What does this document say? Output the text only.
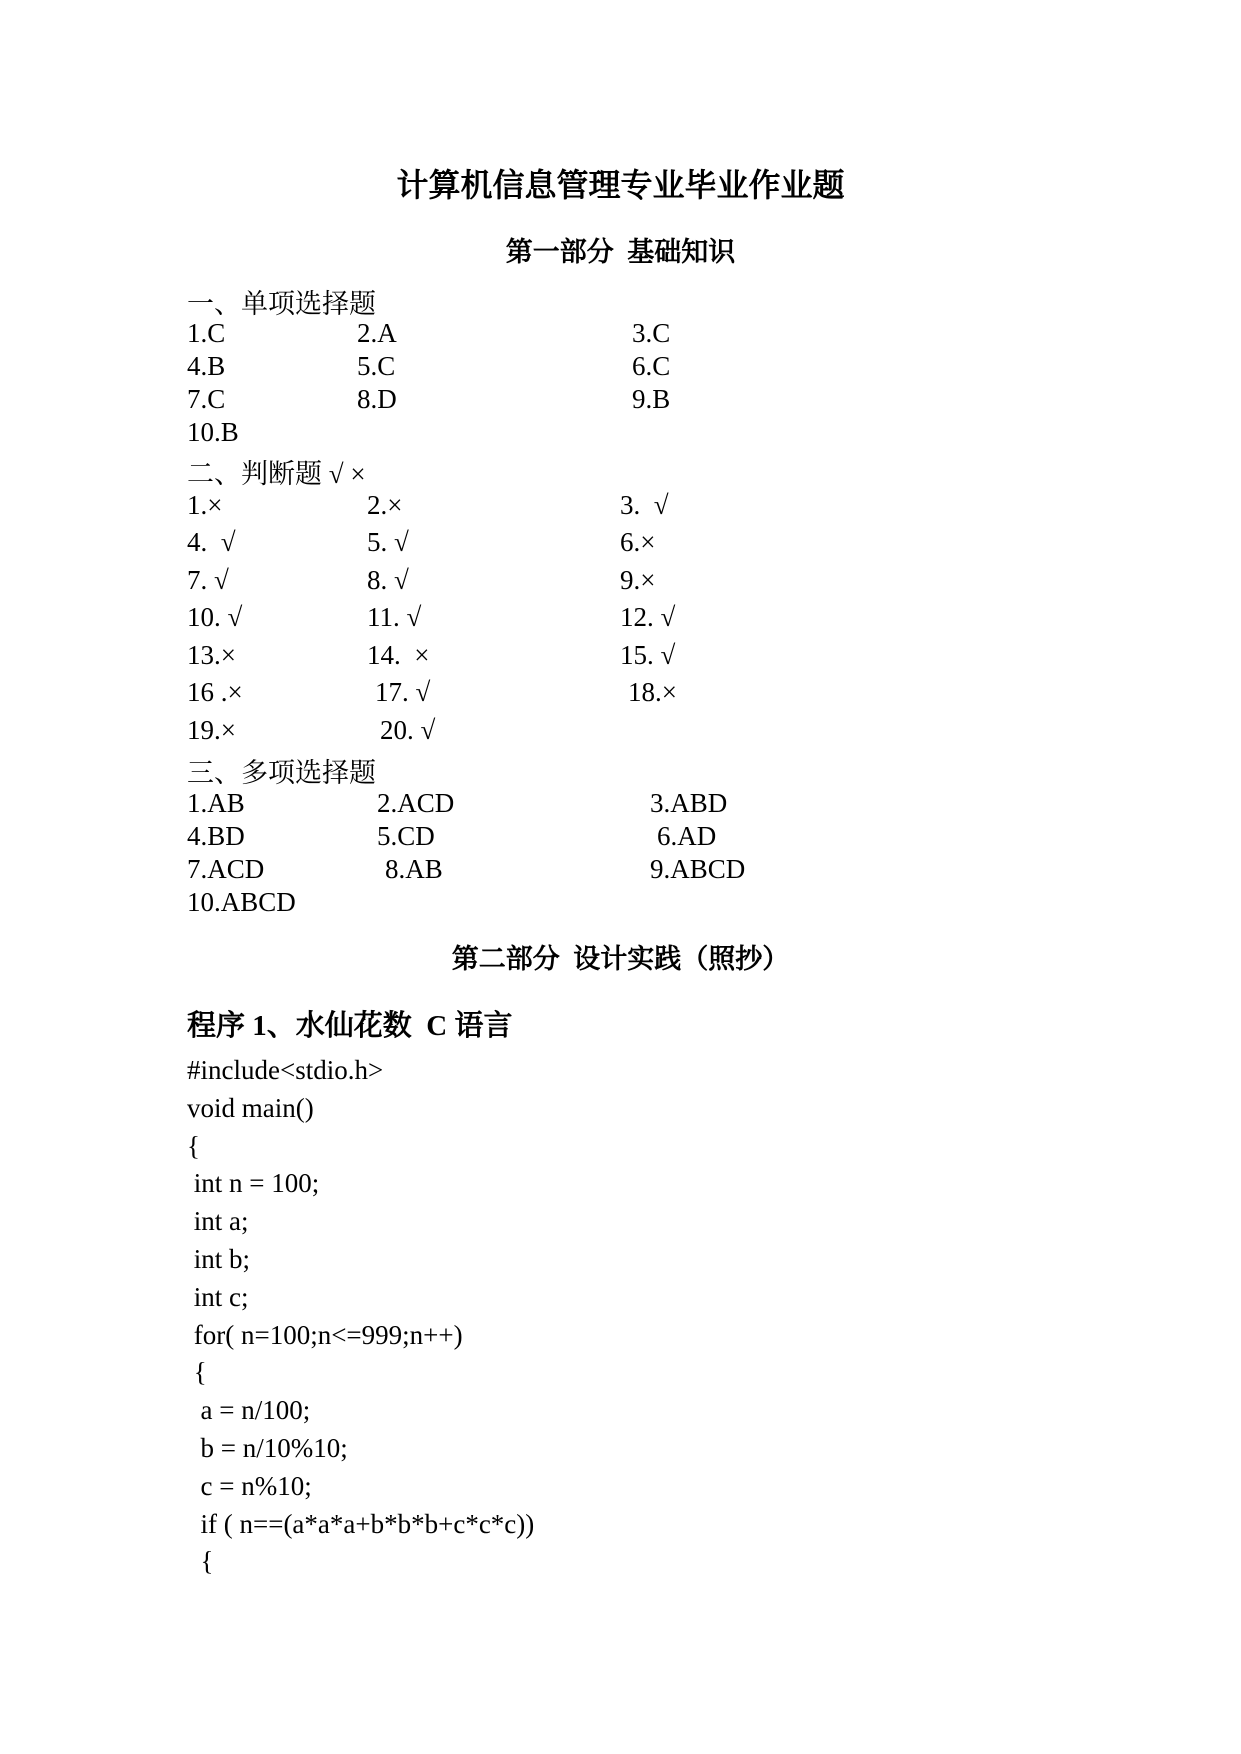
计算机信息管理专业毕业作业题
第一部分  基础知识
一、单项选择题
1.C	2.A	3.C
4.B	5.C	6.C
7.C	8.D	9.B
10.B
二、判断题 √ ×
1.×	2.×	3.  √
4.  √	5. √	6.×
7. √	8. √	9.×
10. √	11. √	12. √
13.×	14.  ×	15. √
16 .×	17. √	18.×
19.×	20. √
三、多项选择题
1.AB	2.ACD	3.ABD
4.BD	5.CD	6.AD
7.ACD	8.AB	9.ABCD
10.ABCD
第二部分  设计实践（照抄）
程序 1、水仙花数  C 语言
#include<stdio.h>
void main()
{
int n = 100;
int a;
int b;
int c;
for( n=100;n<=999;n++)
{
a = n/100;
b = n/10%10;
c = n%10;
if ( n==(a*a*a+b*b*b+c*c*c))
{
